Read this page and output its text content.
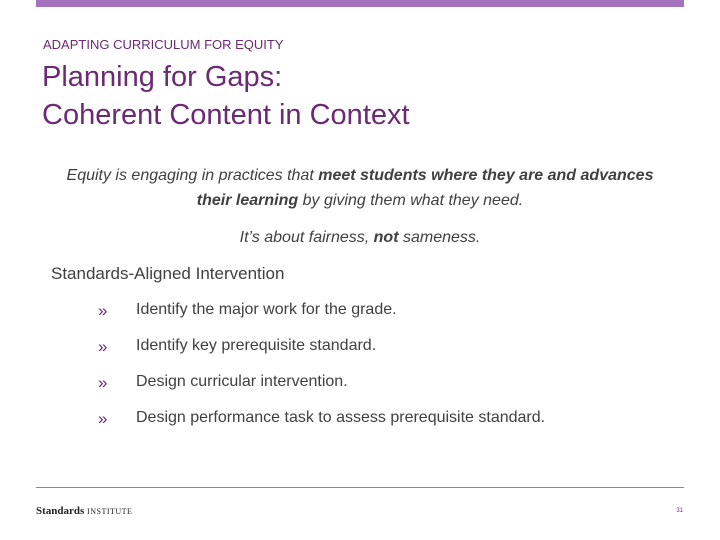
ADAPTING CURRICULUM FOR EQUITY
Planning for Gaps:
Coherent Content in Context
Equity is engaging in practices that meet students where they are and advances their learning by giving them what they need.
It’s about fairness, not sameness.
Standards-Aligned Intervention
»	Identify the major work for the grade.
»	Identify key prerequisite standard.
»	Design curricular intervention.
»	Design performance task to assess prerequisite standard.
Standards INSTITUTE	31
